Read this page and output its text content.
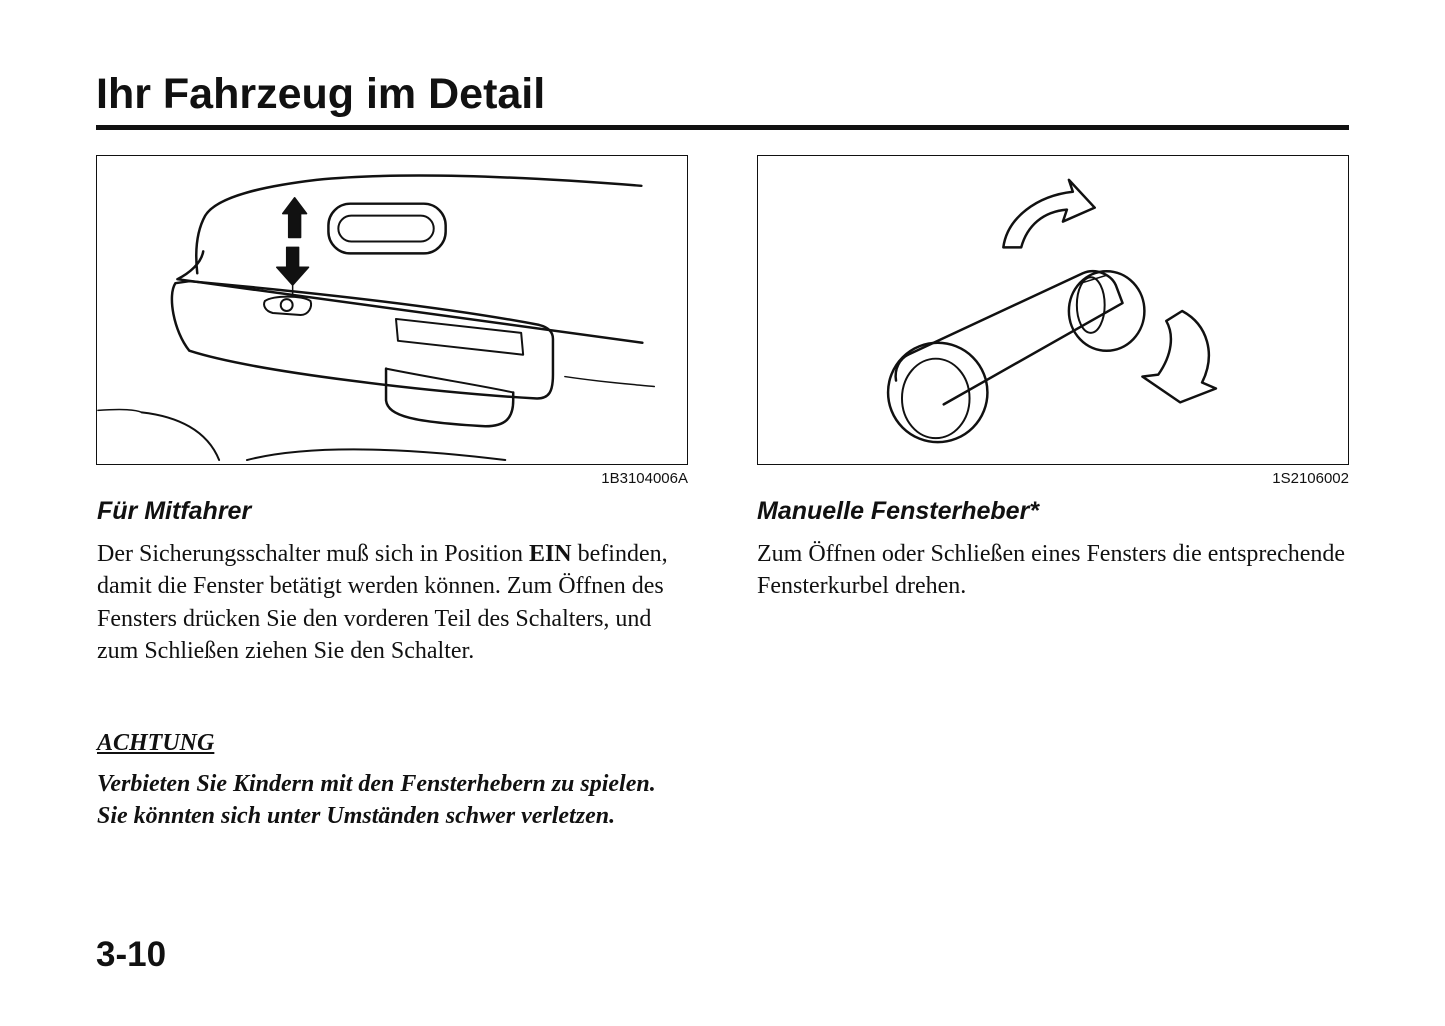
Ihr Fahrzeug im Detail
1B3104006A	1S2106002
Für Mitfahrer

Der Sicherungsschalter muß sich in Position EIN befinden, damit die Fenster betätigt werden können. Zum Öffnen des Fensters drücken Sie den vorderen Teil des Schalters, und zum Schließen ziehen Sie den Schalter.

ACHTUNG

Verbieten Sie Kindern mit den Fensterhebern zu spielen. Sie könnten sich unter Umständen schwer verletzen.

Manuelle Fensterheber*

Zum Öffnen oder Schließen eines Fensters die entsprechende Fensterkurbel drehen.

3-10
